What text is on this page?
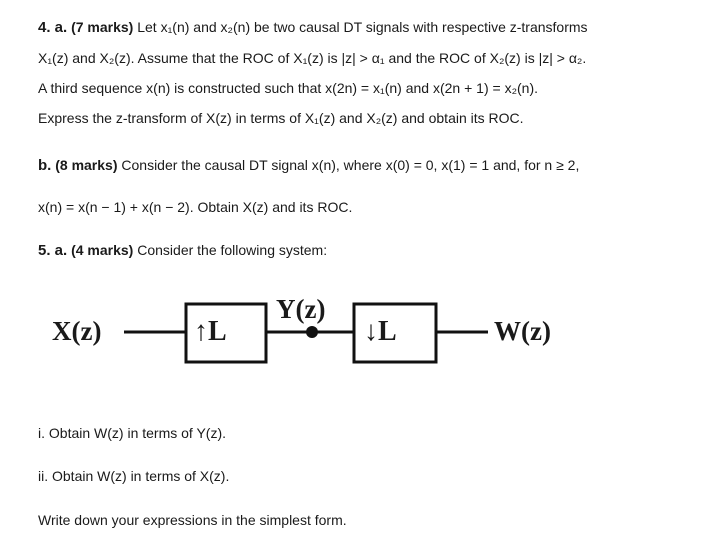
4. a. (7 marks) Let x₁(n) and x₂(n) be two causal DT signals with respective z-transforms
X₁(z) and X₂(z). Assume that the ROC of X₁(z) is |z| > α₁ and the ROC of X₂(z) is |z| > α₂.
A third sequence x(n) is constructed such that x(2n) = x₁(n) and x(2n + 1) = x₂(n).
Express the z-transform of X(z) in terms of X₁(z) and X₂(z) and obtain its ROC.
b. (8 marks) Consider the causal DT signal x(n), where x(0) = 0, x(1) = 1 and, for n ≥ 2,
x(n) = x(n − 1) + x(n − 2). Obtain X(z) and its ROC.
5. a. (4 marks) Consider the following system:
X(z)	↑L
Y(z)
↓L	W(z)
i. Obtain W(z) in terms of Y(z).
ii. Obtain W(z) in terms of X(z).
Write down your expressions in the simplest form.
